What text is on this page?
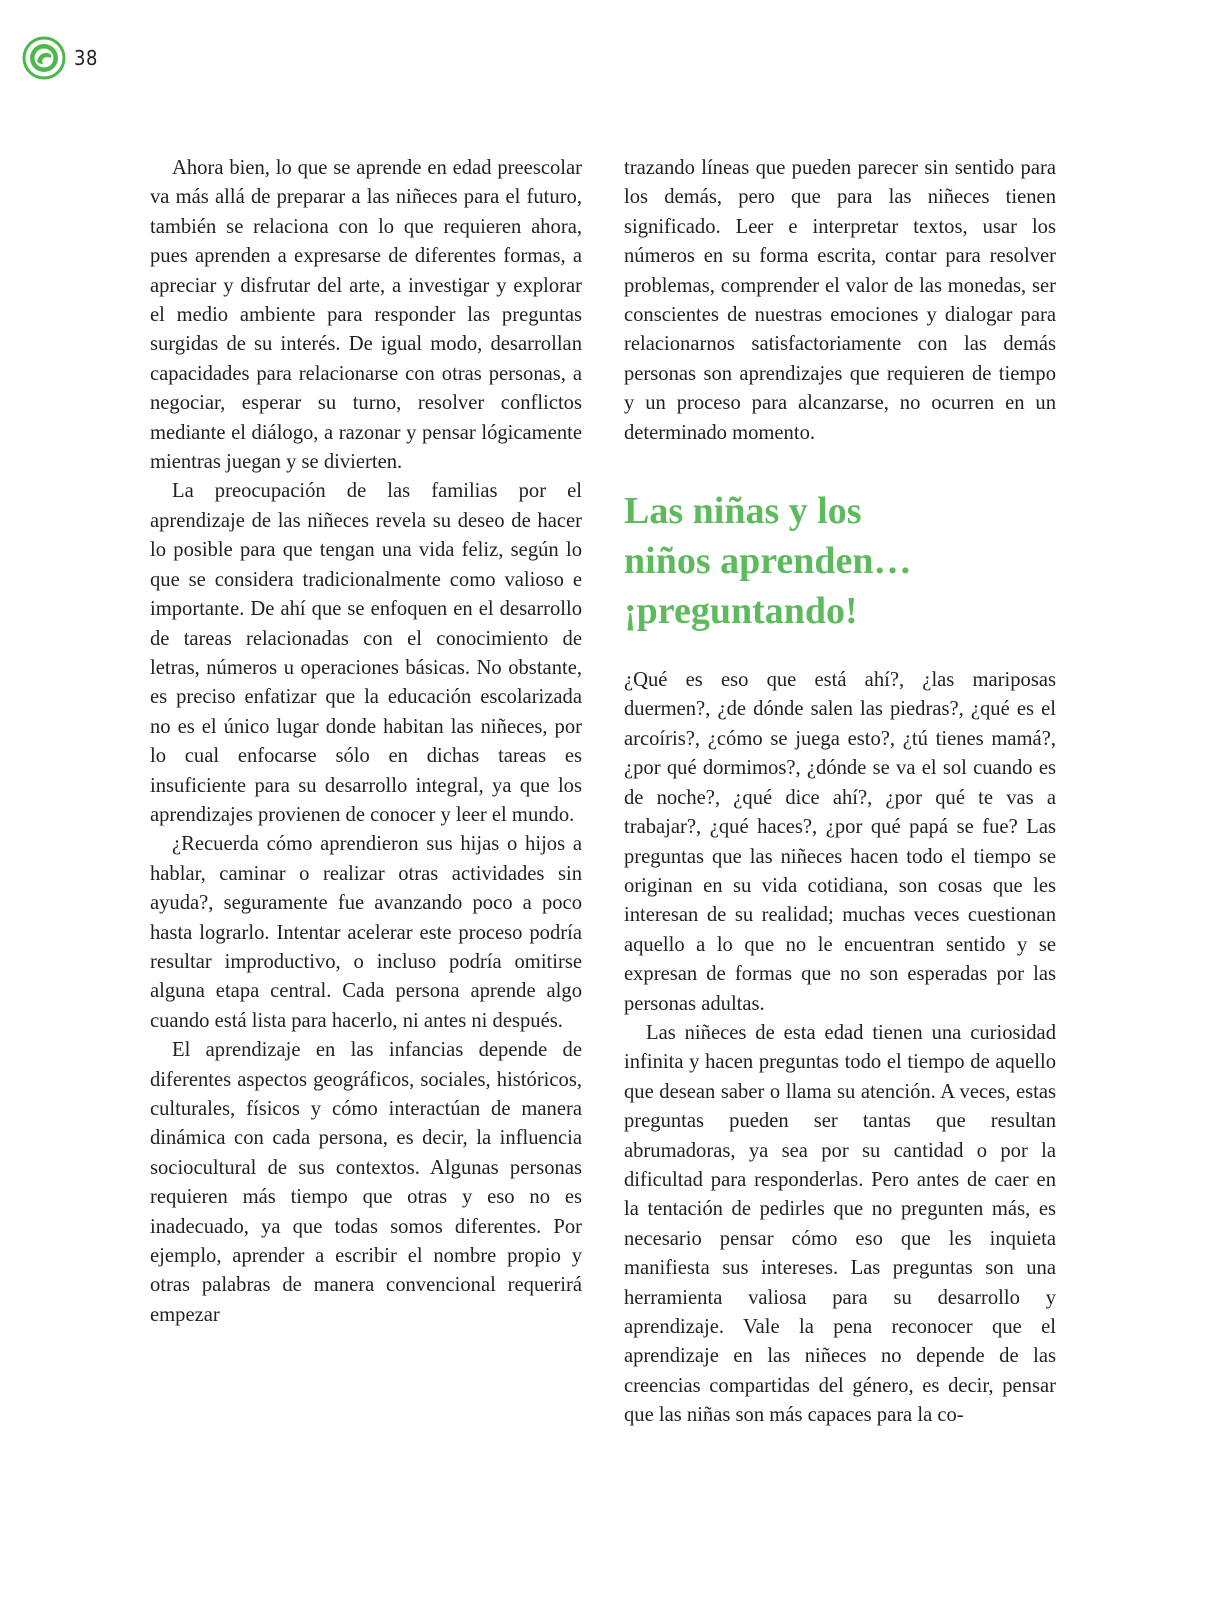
38

Ahora bien, lo que se aprende en edad preescolar va más allá de preparar a las niñeces para el futuro, también se relaciona con lo que requieren ahora, pues aprenden a expresarse de diferentes formas, a apreciar y disfrutar del arte, a investigar y explorar el medio ambiente para responder las preguntas surgidas de su interés. De igual modo, desarrollan capacidades para relacionarse con otras personas, a negociar, esperar su turno, resolver conflictos mediante el diálogo, a razonar y pensar lógicamente mientras juegan y se divierten.

La preocupación de las familias por el aprendizaje de las niñeces revela su deseo de hacer lo posible para que tengan una vida feliz, según lo que se considera tradicionalmente como valioso e importante. De ahí que se enfoquen en el desarrollo de tareas relacionadas con el conocimiento de letras, números u operaciones básicas. No obstante, es preciso enfatizar que la educación escolarizada no es el único lugar donde habitan las niñeces, por lo cual enfocarse sólo en dichas tareas es insuficiente para su desarrollo integral, ya que los aprendizajes provienen de conocer y leer el mundo.

¿Recuerda cómo aprendieron sus hijas o hijos a hablar, caminar o realizar otras actividades sin ayuda?, seguramente fue avanzando poco a poco hasta lograrlo. Intentar acelerar este proceso podría resultar improductivo, o incluso podría omitirse alguna etapa central. Cada persona aprende algo cuando está lista para hacerlo, ni antes ni después.

El aprendizaje en las infancias depende de diferentes aspectos geográficos, sociales, históricos, culturales, físicos y cómo interactúan de manera dinámica con cada persona, es decir, la influencia sociocultural de sus contextos. Algunas personas requieren más tiempo que otras y eso no es inadecuado, ya que todas somos diferentes. Por ejemplo, aprender a escribir el nombre propio y otras palabras de manera convencional requerirá empezar

trazando líneas que pueden parecer sin sentido para los demás, pero que para las niñeces tienen significado. Leer e interpretar textos, usar los números en su forma escrita, contar para resolver problemas, comprender el valor de las monedas, ser conscientes de nuestras emociones y dialogar para relacionarnos satisfactoriamente con las demás personas son aprendizajes que requieren de tiempo y un proceso para alcanzarse, no ocurren en un determinado momento.

Las niñas y los
niños aprenden…
¡preguntando!

¿Qué es eso que está ahí?, ¿las mariposas duermen?, ¿de dónde salen las piedras?, ¿qué es el arcoíris?, ¿cómo se juega esto?, ¿tú tienes mamá?, ¿por qué dormimos?, ¿dónde se va el sol cuando es de noche?, ¿qué dice ahí?, ¿por qué te vas a trabajar?, ¿qué haces?, ¿por qué papá se fue? Las preguntas que las niñeces hacen todo el tiempo se originan en su vida cotidiana, son cosas que les interesan de su realidad; muchas veces cuestionan aquello a lo que no le encuentran sentido y se expresan de formas que no son esperadas por las personas adultas.

Las niñeces de esta edad tienen una curiosidad infinita y hacen preguntas todo el tiempo de aquello que desean saber o llama su atención. A veces, estas preguntas pueden ser tantas que resultan abrumadoras, ya sea por su cantidad o por la dificultad para responderlas. Pero antes de caer en la tentación de pedirles que no pregunten más, es necesario pensar cómo eso que les inquieta manifiesta sus intereses. Las preguntas son una herramienta valiosa para su desarrollo y aprendizaje. Vale la pena reconocer que el aprendizaje en las niñeces no depende de las creencias compartidas del género, es decir, pensar que las niñas son más capaces para la co-
